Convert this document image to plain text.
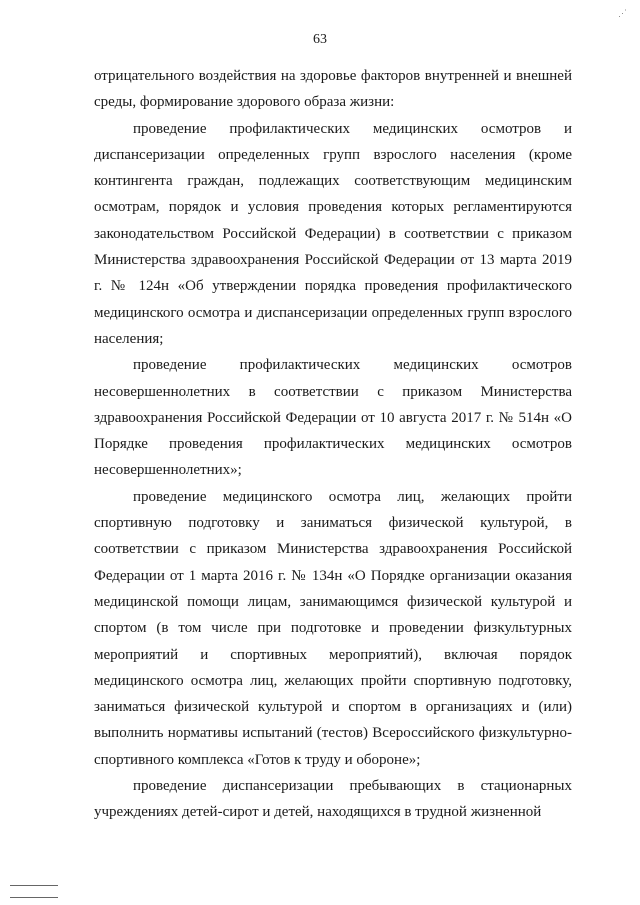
⋰
63

отрицательного воздействия на здоровье факторов внутренней и внешней среды, формирование здорового образа жизни:

проведение профилактических медицинских осмотров и диспансеризации определенных групп взрослого населения (кроме контингента граждан, подлежащих соответствующим медицинским осмотрам, порядок и условия проведения которых регламентируются законодательством Российской Федерации) в соответствии с приказом Министерства здравоохранения Российской Федерации от 13 марта 2019 г. № 124н «Об утверждении порядка проведения профилактического медицинского осмотра и диспансеризации определенных групп взрослого населения;

проведение профилактических медицинских осмотров несовершеннолетних в соответствии с приказом Министерства здравоохранения Российской Федерации от 10 августа 2017 г. № 514н «О Порядке проведения профилактических медицинских осмотров несовершеннолетних»;

проведение медицинского осмотра лиц, желающих пройти спортивную подготовку и заниматься физической культурой, в соответствии с приказом Министерства здравоохранения Российской Федерации от 1 марта 2016 г. № 134н «О Порядке организации оказания медицинской помощи лицам, занимающимся физической культурой и спортом (в том числе при подготовке и проведении физкультурных мероприятий и спортивных мероприятий), включая порядок медицинского осмотра лиц, желающих пройти спортивную подготовку, заниматься физической культурой и спортом в организациях и (или) выполнить нормативы испытаний (тестов) Всероссийского физкультурно-спортивного комплекса «Готов к труду и обороне»;

проведение диспансеризации пребывающих в стационарных учреждениях детей-сирот и детей, находящихся в трудной жизненной
